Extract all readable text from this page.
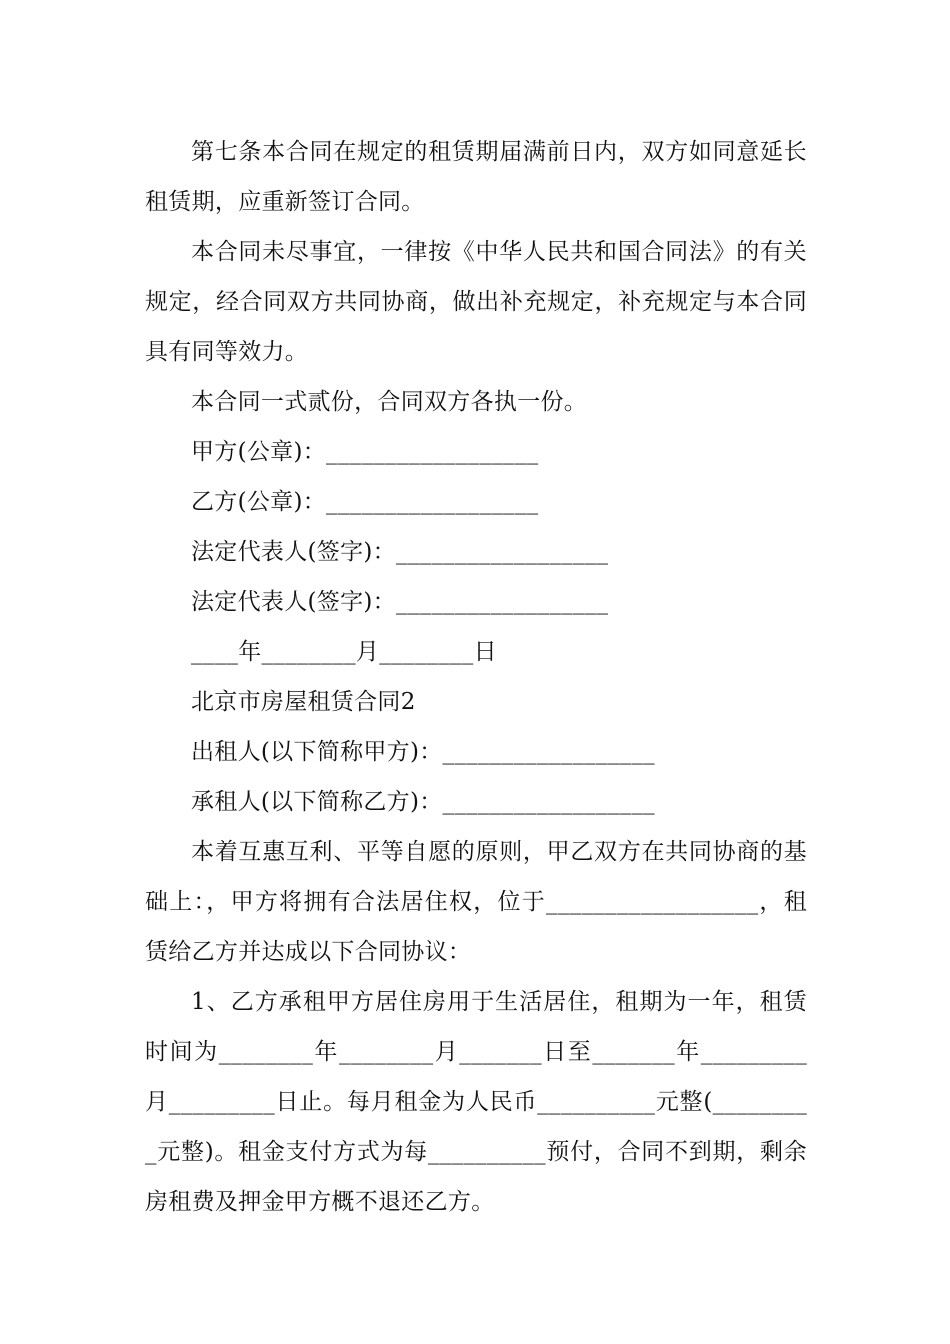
第七条本合同在规定的租赁期届满前日内，双方如同意延长租赁期，应重新签订合同。

本合同未尽事宜，一律按《中华人民共和国合同法》的有关规定，经合同双方共同协商，做出补充规定，补充规定与本合同具有同等效力。

本合同一式贰份，合同双方各执一份。

甲方(公章)：__________________

乙方(公章)：__________________

法定代表人(签字)：__________________

法定代表人(签字)：__________________

____年________月________日

北京市房屋租赁合同2

出租人(以下简称甲方)：__________________

承租人(以下简称乙方)：__________________

本着互惠互利、平等自愿的原则，甲乙双方在共同协商的基础上：，甲方将拥有合法居住权，位于__________________，租赁给乙方并达成以下合同协议：

1、乙方承租甲方居住房用于生活居住，租期为一年，租赁时间为________年________月_______日至_______年_________月_________日止。每月租金为人民币__________元整(_________元整)。租金支付方式为每__________预付，合同不到期，剩余房租费及押金甲方概不退还乙方。
